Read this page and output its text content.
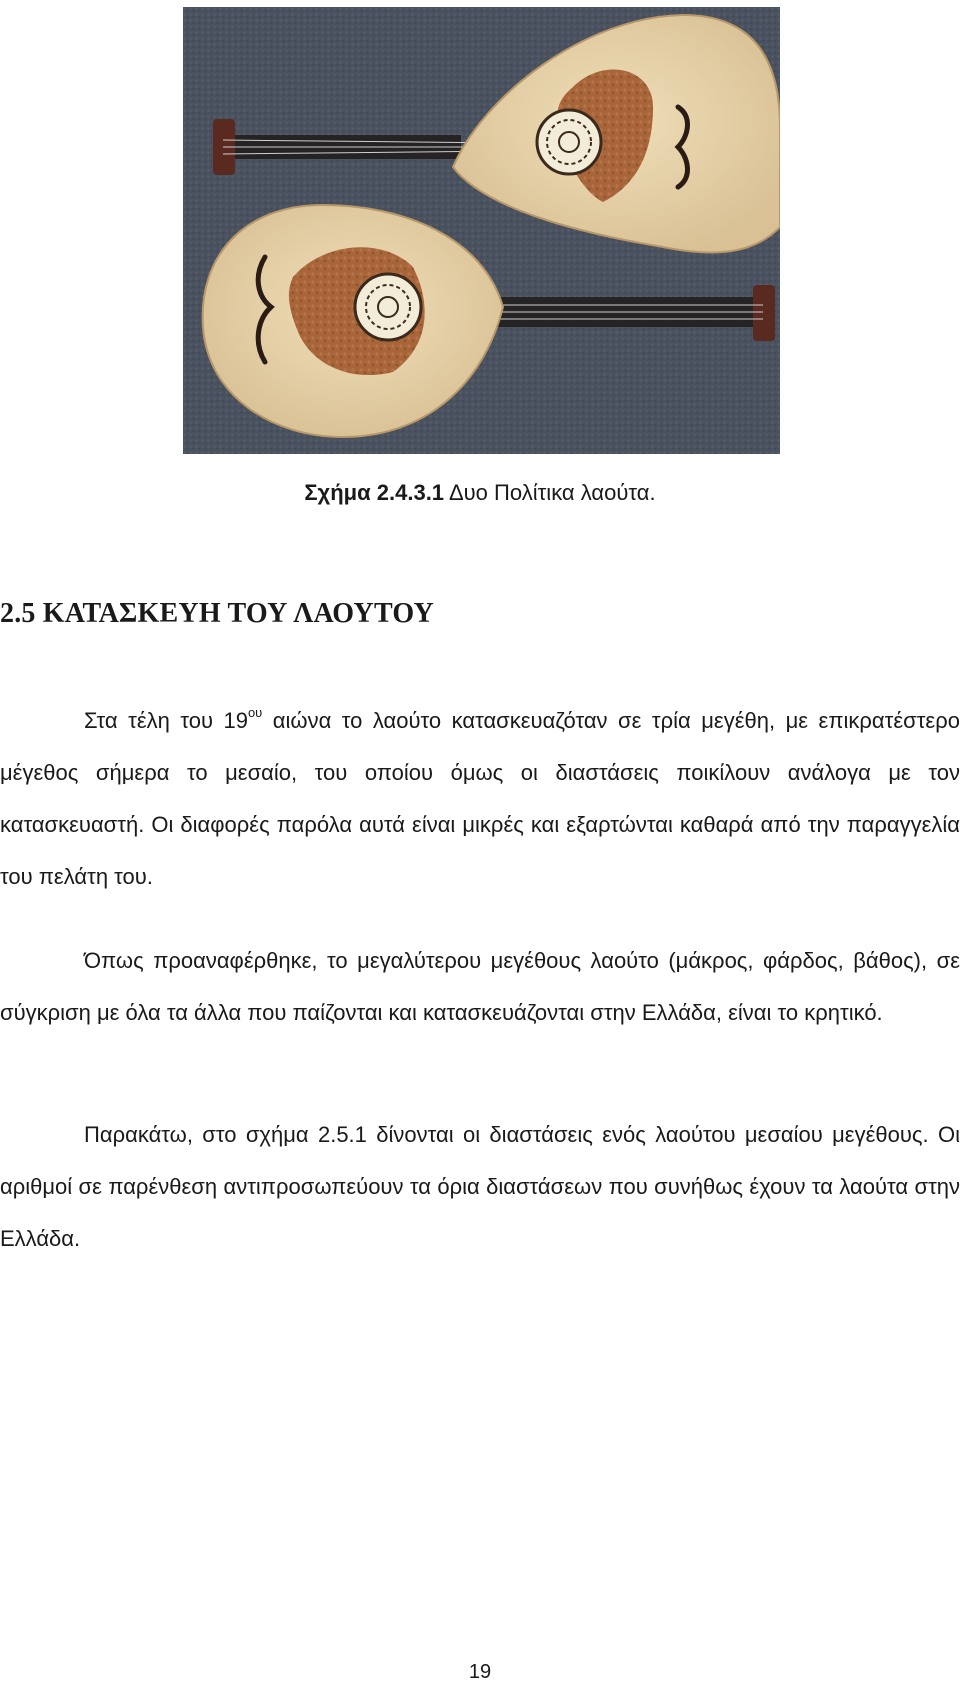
Σχήμα 2.4.3.1 Δυο Πολίτικα λαούτα.
2.5 ΚΑΤΑΣΚΕΥΗ ΤΟΥ ΛΑΟΥΤΟΥ

Στα τέλη του $19^{o\upsilon}$ αιώνα το λαούτο κατασκευαζόταν σε τρία μεγέθη, με επικρατέστερο μέγεθος σήμερα το μεσαίο, του οποίου όμως οι διαστάσεις ποικίλουν ανάλογα με τον κατασκευαστή. Οι διαφορές παρόλα αυτά είναι μικρές και εξαρτώνται καθαρά από την παραγγελία του πελάτη του.

Όπως προαναφέρθηκε, το μεγαλύτερου μεγέθους λαούτο (μάκρος, φάρδος, βάθος), σε σύγκριση με όλα τα άλλα που παίζονται και κατασκευάζονται στην Ελλάδα, είναι το κρητικό.

Παρακάτω, στο σχήμα 2.5.1 δίνονται οι διαστάσεις ενός λαούτου μεσαίου μεγέθους. Οι αριθμοί σε παρένθεση αντιπροσωπεύουν τα όρια διαστάσεων που συνήθως έχουν τα λαούτα στην Ελλάδα.

19
